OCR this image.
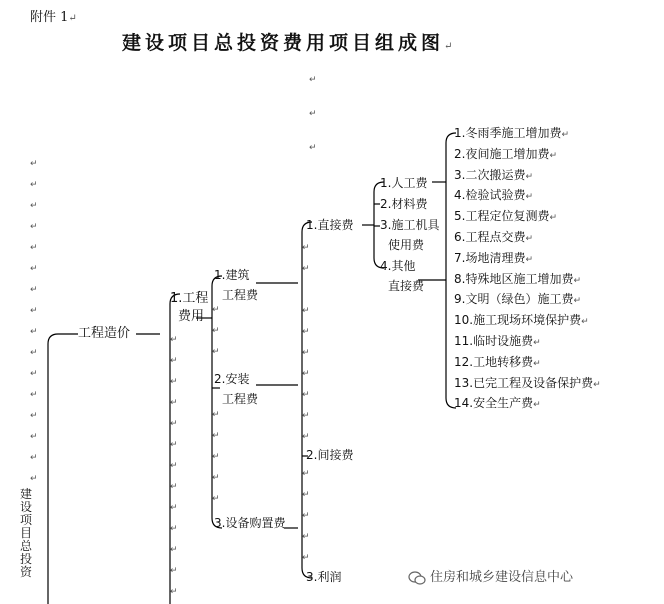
附件 1↵
建设项目总投资费用项目组成图↵
↵
↵
↵
↵
↵
↵
↵
↵
↵
↵
↵
↵
↵
↵
↵
↵
↵
↵
↵
↵
↵
↵
↵
↵
↵
↵
↵
↵
↵
↵
↵
↵
↵
↵
↵
↵
↵
↵
↵
↵
↵
↵
↵
↵
↵
↵
↵
↵
↵
↵
↵
↵
↵
↵
建设项目总投资
工程造价
1.工程
费用
1.建筑
工程费
2.安装
工程费
3.设备购置费
1.直接费
2.间接费
3.利润
1.人工费
2.材料费
3.施工机具
使用费
4.其他
直接费
1.冬雨季施工增加费↵
2.夜间施工增加费↵
3.二次搬运费↵
4.检验试验费↵
5.工程定位复测费↵
6.工程点交费↵
7.场地清理费↵
8.特殊地区施工增加费↵
9.文明（绿色）施工费↵
10.施工现场环境保护费↵
11.临时设施费↵
12.工地转移费↵
13.已完工程及设备保护费↵
14.安全生产费↵
住房和城乡建设信息中心
